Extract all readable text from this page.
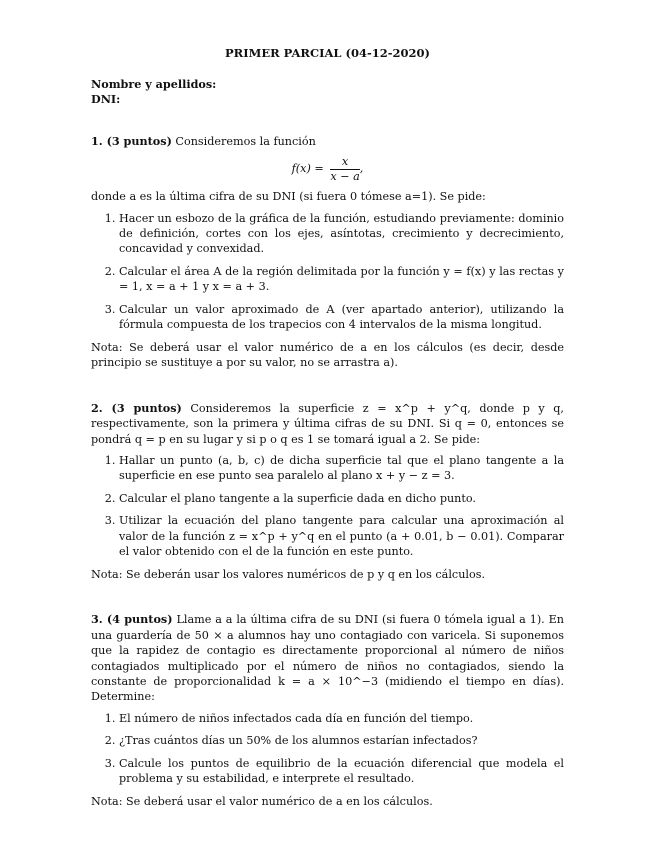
PRIMER PARCIAL (04-12-2020)

Nombre y apellidos:

DNI:

1. (3 puntos) Consideremos la función

$f(x) = \frac{x}{x - a}$ ,

donde a es la última cifra de su DNI (si fuera 0 tómese a=1). Se pide:

1. Hacer un esbozo de la gráfica de la función, estudiando previamente: dominio de definición, cortes con los ejes, asíntotas, crecimiento y decrecimiento, concavidad y convexidad.
2. Calcular el área A de la región delimitada por la función y = f(x) y las rectas y = 1, x = a + 1 y x = a + 3.
3. Calcular un valor aproximado de A (ver apartado anterior), utilizando la fórmula compuesta de los trapecios con 4 intervalos de la misma longitud.

Nota: Se deberá usar el valor numérico de a en los cálculos (es decir, desde principio se sustituye a por su valor, no se arrastra a).

2. (3 puntos) Consideremos la superficie z = x^p + y^q, donde p y q, respectivamente, son la primera y última cifras de su DNI. Si q = 0, entonces se pondrá q = p en su lugar y si p o q es 1 se tomará igual a 2. Se pide:

1. Hallar un punto (a, b, c) de dicha superficie tal que el plano tangente a la superficie en ese punto sea paralelo al plano x + y − z = 3.
2. Calcular el plano tangente a la superficie dada en dicho punto.
3. Utilizar la ecuación del plano tangente para calcular una aproximación al valor de la función z = x^p + y^q en el punto (a + 0.01, b − 0.01). Comparar el valor obtenido con el de la función en este punto.

Nota: Se deberán usar los valores numéricos de p y q en los cálculos.

3. (4 puntos) Llame a a la última cifra de su DNI (si fuera 0 tómela igual a 1). En una guardería de 50 × a alumnos hay uno contagiado con varicela. Si suponemos que la rapidez de contagio es directamente proporcional al número de niños contagiados multiplicado por el número de niños no contagiados, siendo la constante de proporcionalidad k = a × 10^−3 (midiendo el tiempo en días). Determine:

1. El número de niños infectados cada día en función del tiempo.
2. ¿Tras cuántos días un 50% de los alumnos estarían infectados?
3. Calcule los puntos de equilibrio de la ecuación diferencial que modela el problema y su estabilidad, e interprete el resultado.

Nota: Se deberá usar el valor numérico de a en los cálculos.
